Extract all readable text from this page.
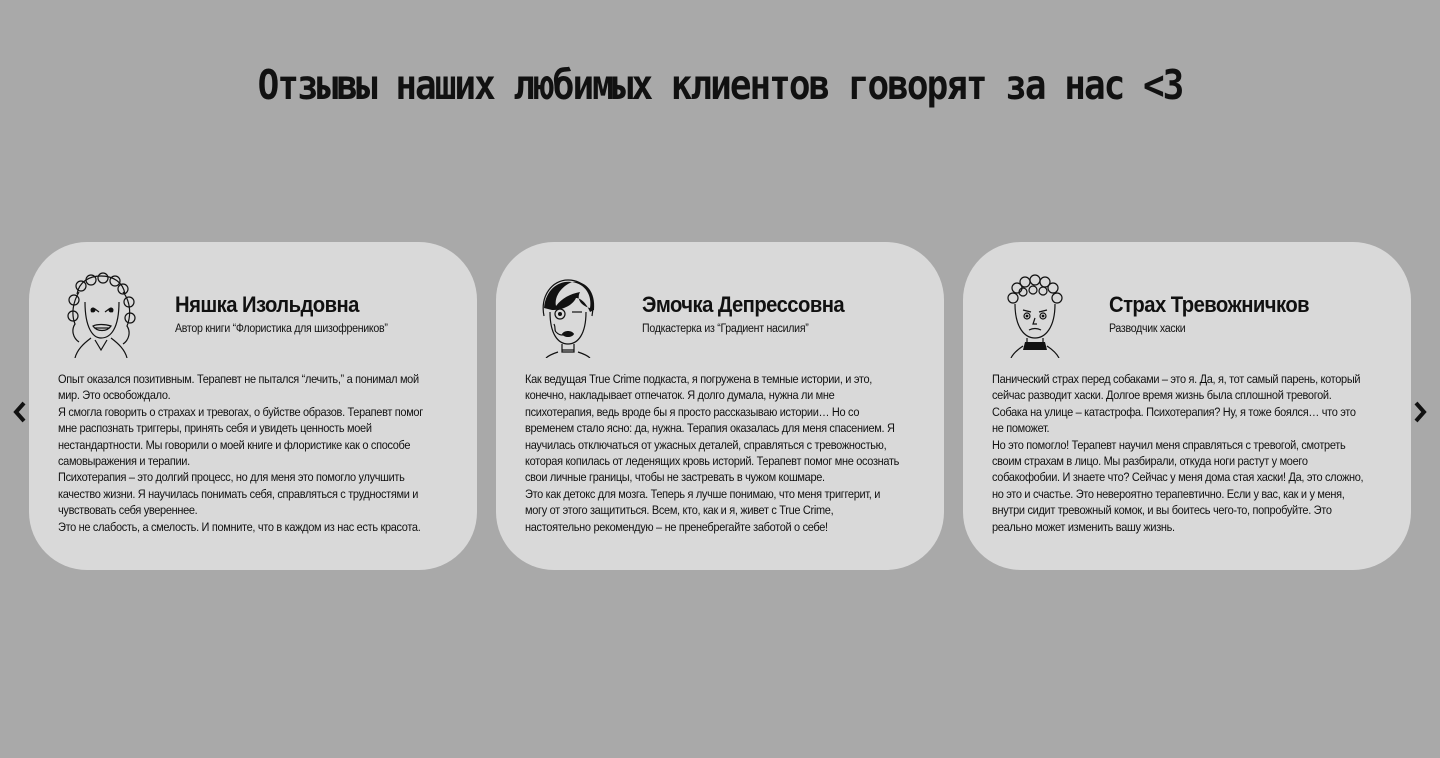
Отзывы наших любимых клиентов говорят за нас <3
Няшка Изольдовна
Автор книги “Флористика для шизофреников”

Опыт оказался позитивным. Терапевт не пытался “лечить,” а понимал мой мир. Это освобождало.

Я смогла говорить о страхах и тревогах, о буйстве образов. Терапевт помог мне распознать триггеры, принять себя и увидеть ценность моей нестандартности. Мы говорили о моей книге и флористике как о способе самовыражения и терапии.

Психотерапия – это долгий процесс, но для меня это помогло улучшить качество жизни. Я научилась понимать себя, справляться с трудностями и чувствовать себя увереннее.

Это не слабость, а смелость. И помните, что в каждом из нас есть красота.

Эмочка Депрессовна
Подкастерка из “Градиент насилия”

Как ведущая True Crime подкаста, я погружена в темные истории, и это, конечно, накладывает отпечаток. Я долго думала, нужна ли мне психотерапия, ведь вроде бы я просто рассказываю истории… Но со временем стало ясно: да, нужна. Терапия оказалась для меня спасением. Я научилась отключаться от ужасных деталей, справляться с тревожностью, которая копилась от леденящих кровь историй. Терапевт помог мне осознать свои личные границы, чтобы не застревать в чужом кошмаре.

Это как детокс для мозга. Теперь я лучше понимаю, что меня триггерит, и могу от этого защититься. Всем, кто, как и я, живет с True Crime, настоятельно рекомендую – не пренебрегайте заботой о себе!

Страх Тревожничков
Разводчик хаски

Панический страх перед собаками – это я. Да, я, тот самый парень, который сейчас разводит хаски. Долгое время жизнь была сплошной тревогой. Собака на улице – катастрофа. Психотерапия? Ну, я тоже боялся… что это не поможет.

Но это помогло! Терапевт научил меня справляться с тревогой, смотреть своим страхам в лицо. Мы разбирали, откуда ноги растут у моего собакофобии. И знаете что? Сейчас у меня дома стая хаски! Да, это сложно, но это и счастье. Это невероятно терапевтично. Если у вас, как и у меня, внутри сидит тревожный комок, и вы боитесь чего-то, попробуйте. Это реально может изменить вашу жизнь.
